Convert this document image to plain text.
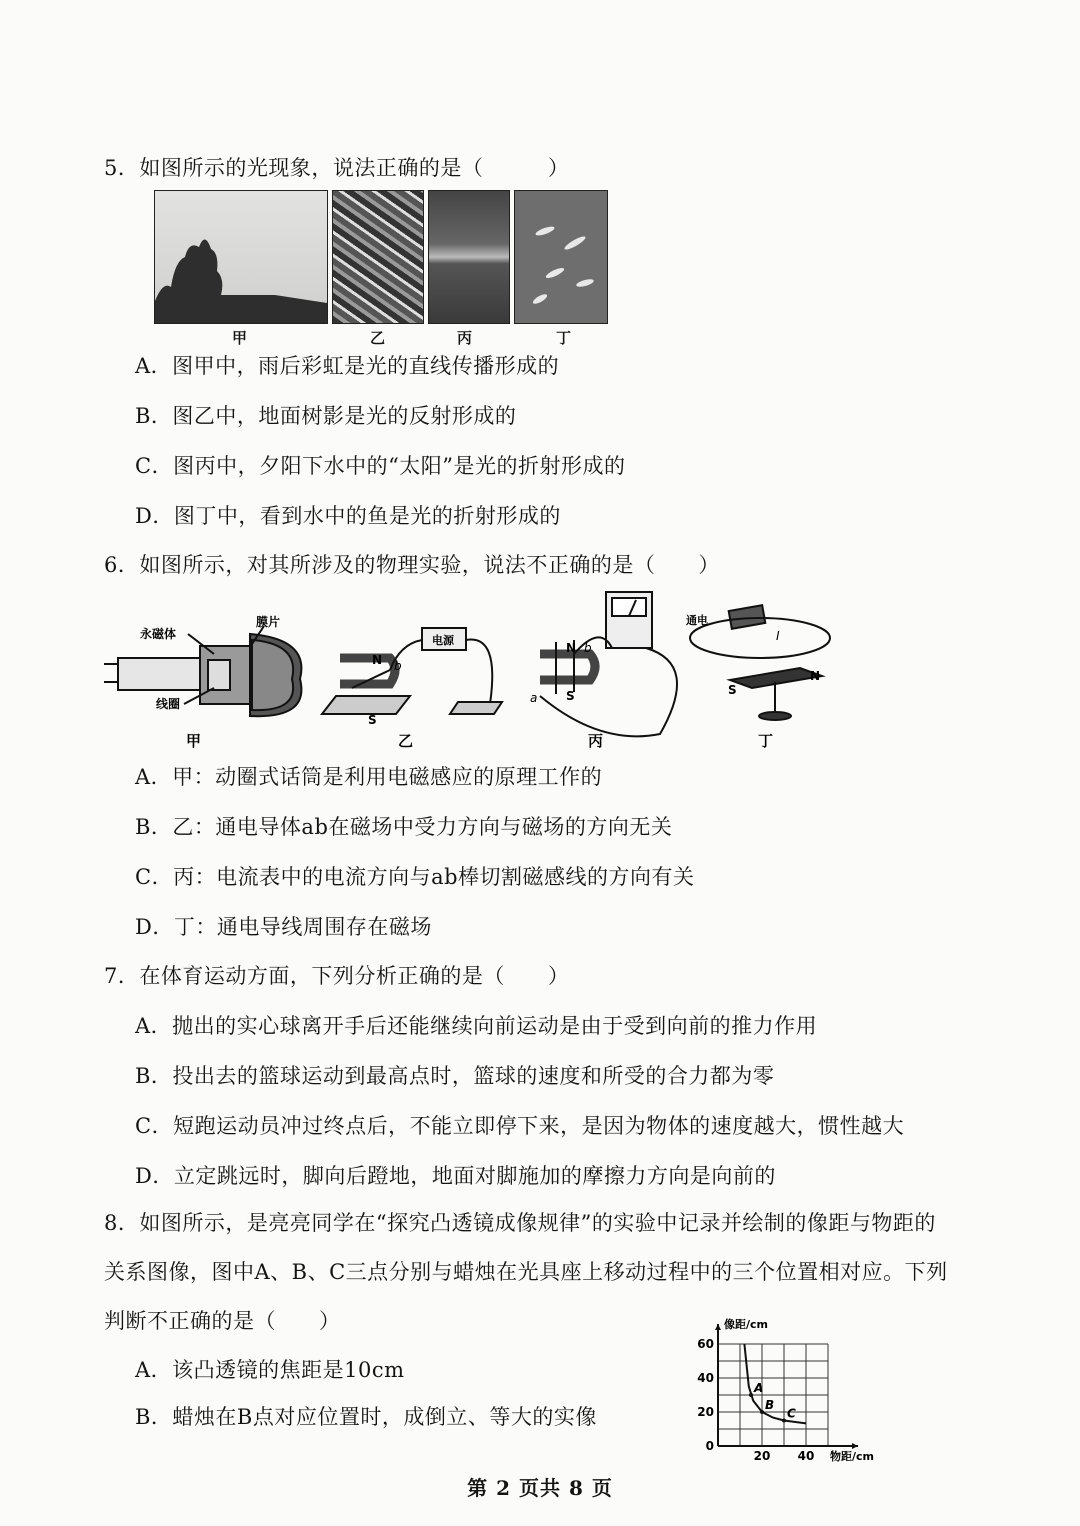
5．如图所示的光现象，说法正确的是（　　　）
甲	乙	丙	丁
A．图甲中，雨后彩虹是光的直线传播形成的
B．图乙中，地面树影是光的反射形成的
C．图丙中，夕阳下水中的“太阳”是光的折射形成的
D．图丁中，看到水中的鱼是光的折射形成的
6．如图所示，对其所涉及的物理实验，说法不正确的是（　　）
永磁体
膜片
线圈
N b
电源
S
N b
a S
通电
I
S
N
甲	乙	丙	丁
A．甲：动圈式话筒是利用电磁感应的原理工作的
B．乙：通电导体ab在磁场中受力方向与磁场的方向无关
C．丙：电流表中的电流方向与ab棒切割磁感线的方向有关
D．丁：通电导线周围存在磁场
7．在体育运动方面，下列分析正确的是（　　）
A．抛出的实心球离开手后还能继续向前运动是由于受到向前的推力作用
B．投出去的篮球运动到最高点时，篮球的速度和所受的合力都为零
C．短跑运动员冲过终点后，不能立即停下来，是因为物体的速度越大，惯性越大
D．立定跳远时，脚向后蹬地，地面对脚施加的摩擦力方向是向前的
8．如图所示，是亮亮同学在“探究凸透镜成像规律”的实验中记录并绘制的像距与物距的
关系图像，图中A、B、C三点分别与蜡烛在光具座上移动过程中的三个位置相对应。下列
判断不正确的是（　　）
A．该凸透镜的焦距是10cm
B．蜡烛在B点对应位置时，成倒立、等大的实像
A
B
C
20 40
0
20
40
60
像距/cm
物距/cm
第 2 页共 8 页
